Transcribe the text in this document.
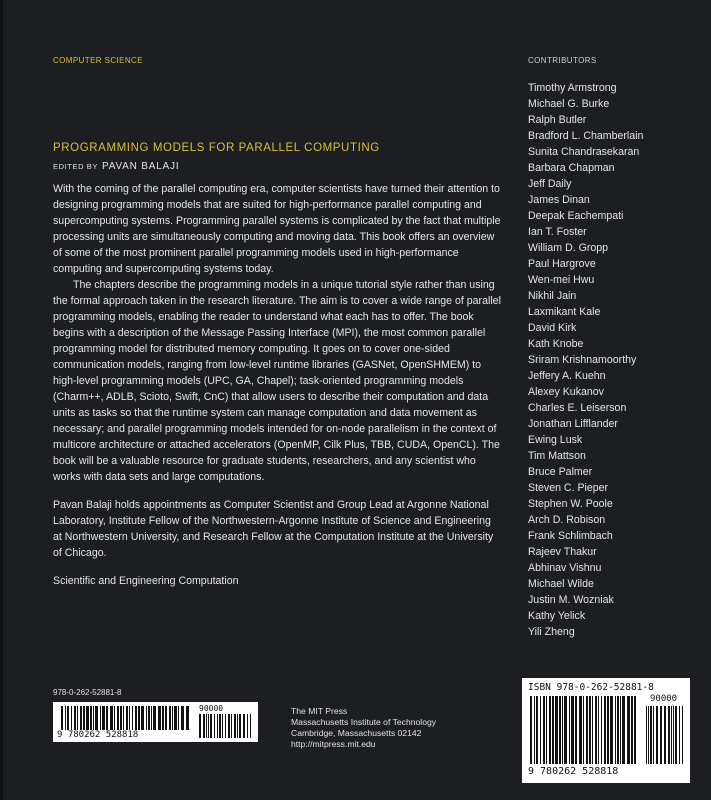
COMPUTER SCIENCE	CONTRIBUTORS
PROGRAMMING MODELS FOR PARALLEL COMPUTING
EDITED BY PAVAN BALAJI

With the coming of the parallel computing era, computer scientists have turned their attention to designing programming models that are suited for high-performance parallel computing and supercomputing systems. Programming parallel systems is complicated by the fact that multiple processing units are simultaneously computing and moving data. This book offers an overview of some of the most prominent parallel programming models used in high-performance computing and supercomputing systems today.

The chapters describe the programming models in a unique tutorial style rather than using the formal approach taken in the research literature. The aim is to cover a wide range of parallel programming models, enabling the reader to understand what each has to offer. The book begins with a description of the Message Passing Interface (MPI), the most common parallel programming model for distributed memory computing. It goes on to cover one-sided communication models, ranging from low-level runtime libraries (GASNet, OpenSHMEM) to high-level programming models (UPC, GA, Chapel); task-oriented programming models (Charm++, ADLB, Scioto, Swift, CnC) that allow users to describe their computation and data units as tasks so that the runtime system can manage computation and data movement as necessary; and parallel programming models intended for on-node parallelism in the context of multicore architecture or attached accelerators (OpenMP, Cilk Plus, TBB, CUDA, OpenCL). The book will be a valuable resource for graduate students, researchers, and any scientist who works with data sets and large computations.

Pavan Balaji holds appointments as Computer Scientist and Group Lead at Argonne National Laboratory, Institute Fellow of the Northwestern-Argonne Institute of Science and Engineering at Northwestern University, and Research Fellow at the Computation Institute at the University of Chicago.

Scientific and Engineering Computation

Timothy Armstrong
Michael G. Burke
Ralph Butler
Bradford L. Chamberlain
Sunita Chandrasekaran
Barbara Chapman
Jeff Daily
James Dinan
Deepak Eachempati
Ian T. Foster
William D. Gropp
Paul Hargrove
Wen-mei Hwu
Nikhil Jain
Laxmikant Kale
David Kirk
Kath Knobe
Sriram Krishnamoorthy
Jeffery A. Kuehn
Alexey Kukanov
Charles E. Leiserson
Jonathan Lifflander
Ewing Lusk
Tim Mattson
Bruce Palmer
Steven C. Pieper
Stephen W. Poole
Arch D. Robison
Frank Schlimbach
Rajeev Thakur
Abhinav Vishnu
Michael Wilde
Justin M. Wozniak
Kathy Yelick
Yili Zheng
978-0-262-52881-8
90000
9 780262 528818
The MIT Press
Massachusetts Institute of Technology
Cambridge, Massachusetts 02142
http://mitpress.mit.edu
ISBN 978-0-262-52881-8
90000
9 780262 528818
